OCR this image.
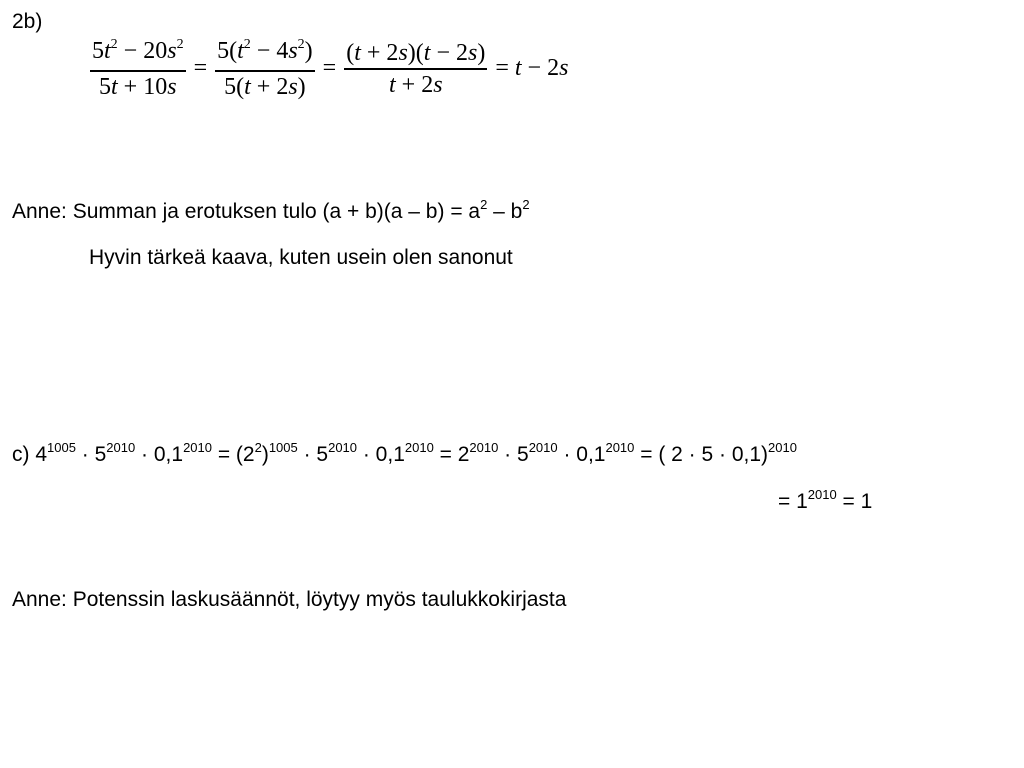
2b)
$\frac{5t^2 - 20s^2}{5t + 10s} = \frac{5(t^2 - 4s^2)}{5(t + 2s)} = \frac{(t + 2s)(t - 2s)}{t + 2s} = t - 2s$
Anne: Summan ja erotuksen tulo $(a + b)(a - b) = a^2 - b^2$
Hyvin tärkeä kaava, kuten usein olen sanonut
c) $4^{1005} \cdot 5^{2010} \cdot 0,1^{2010} = (2^2)^{1005} \cdot 5^{2010} \cdot 0,1^{2010} = 2^{2010} \cdot 5^{2010} \cdot 0,1^{2010}$ = ( 2 · 5 · 0,1)$^{2010}$
= $1^{2010} = 1$
Anne: Potenssin laskusäännöt, löytyy myös taulukkokirjasta
